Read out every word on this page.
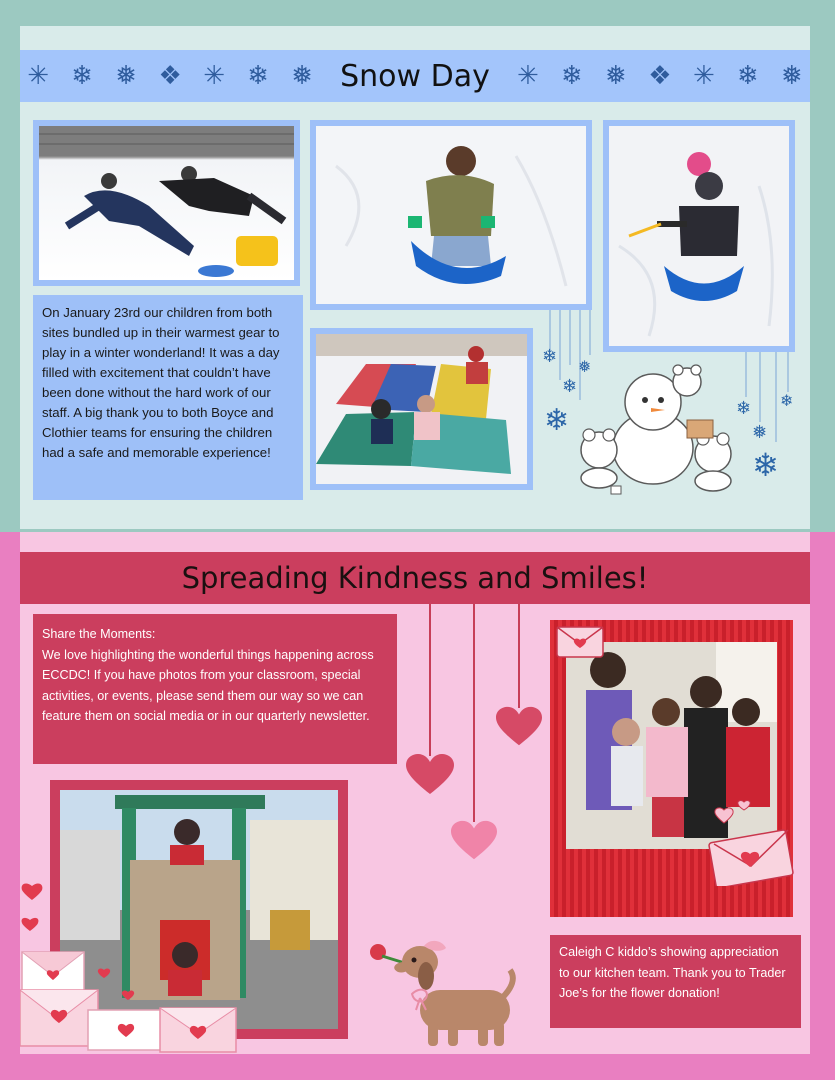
✳ ❄ ❅ ❖ ✳ ❄ ❅ Snow Day ✳ ❄ ❅ ❖ ✳ ❄ ❅
On January 23rd our children from both sites bundled up in their warmest gear to play in a winter wonderland! It was a day filled with excitement that couldn’t have been done without the hard work of our staff. A big thank you to both Boyce and Clothier teams for ensuring the children had a safe and memorable experience!
❄
❄
❅
❄	❄
❅
❄
❄
Spreading Kindness and Smiles!
Share the Moments:
We love highlighting the wonderful things happening across ECCDC! If you have photos from your classroom, special activities, or events, please send them our way so we can feature them on social media or in our quarterly newsletter.
Caleigh C kiddo’s showing appreciation to our kitchen team. Thank you to Trader Joe’s for the flower donation!
